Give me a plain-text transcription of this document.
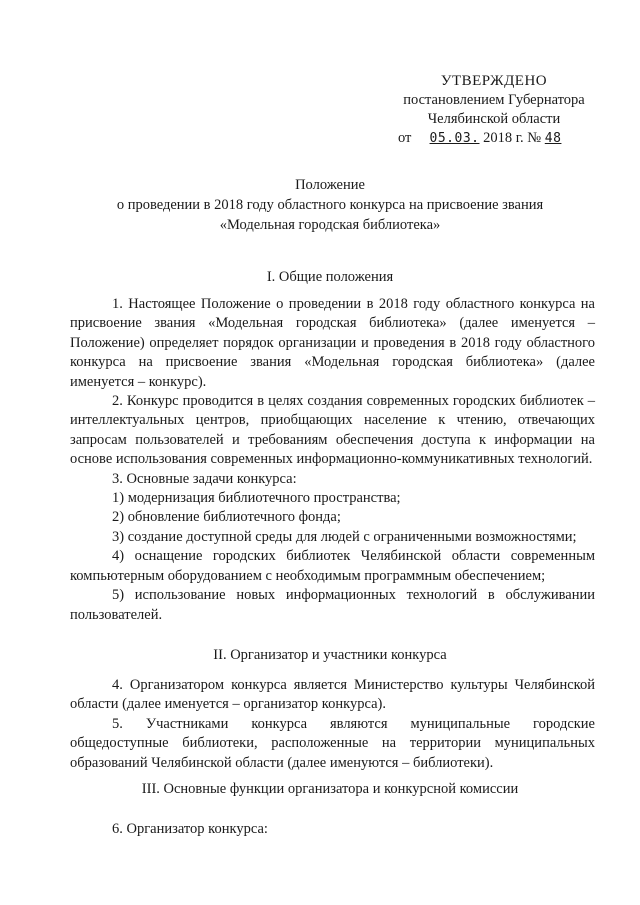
УТВЕРЖДЕНО
постановлением Губернатора
Челябинской области
от 05.03. 2018 г. № 48
Положение
о проведении в 2018 году областного конкурса на присвоение звания
«Модельная городская библиотека»
I. Общие положения

1. Настоящее Положение о проведении в 2018 году областного конкурса на присвоение звания «Модельная городская библиотека» (далее именуется – Положение) определяет порядок организации и проведения в 2018 году областного конкурса на присвоение звания «Модельная городская библиотека» (далее именуется – конкурс).

2. Конкурс проводится в целях создания современных городских библиотек – интеллектуальных центров, приобщающих население к чтению, отвечающих запросам пользователей и требованиям обеспечения доступа к информации на основе использования современных информационно-коммуникативных технологий.

3. Основные задачи конкурса:

1) модернизация библиотечного пространства;

2) обновление библиотечного фонда;

3) создание доступной среды для людей с ограниченными возможностями;

4) оснащение городских библиотек Челябинской области современным компьютерным оборудованием с необходимым программным обеспечением;

5) использование новых информационных технологий в обслуживании пользователей.

II. Организатор и участники конкурса

4. Организатором конкурса является Министерство культуры Челябинской области (далее именуется – организатор конкурса).

5. Участниками конкурса являются муниципальные городские общедоступные библиотеки, расположенные на территории муниципальных образований Челябинской области (далее именуются – библиотеки).

III. Основные функции организатора и конкурсной комиссии

6. Организатор конкурса:
